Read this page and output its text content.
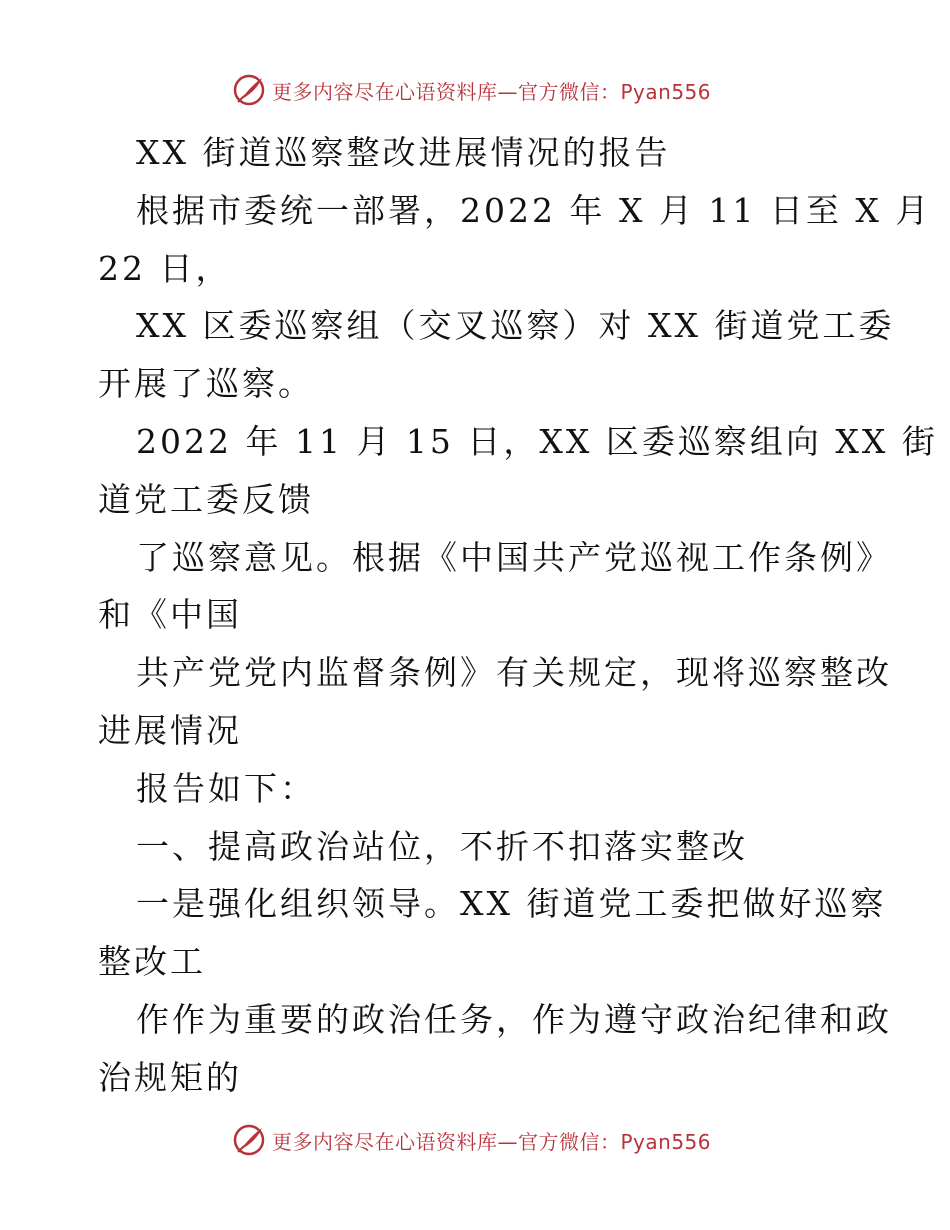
更多内容尽在心语资料库—官方微信：Pyan556
XX 街道巡察整改进展情况的报告
根据市委统一部署，2022 年 X 月 11 日至 X 月
22 日，
XX 区委巡察组（交叉巡察）对 XX 街道党工委
开展了巡察。
2022 年 11 月 15 日，XX 区委巡察组向 XX 街
道党工委反馈
了巡察意见。根据《中国共产党巡视工作条例》
和《中国
共产党党内监督条例》有关规定，现将巡察整改
进展情况
报告如下：
一、提高政治站位，不折不扣落实整改
一是强化组织领导。XX 街道党工委把做好巡察
整改工
作作为重要的政治任务，作为遵守政治纪律和政
治规矩的
更多内容尽在心语资料库—官方微信：Pyan556
